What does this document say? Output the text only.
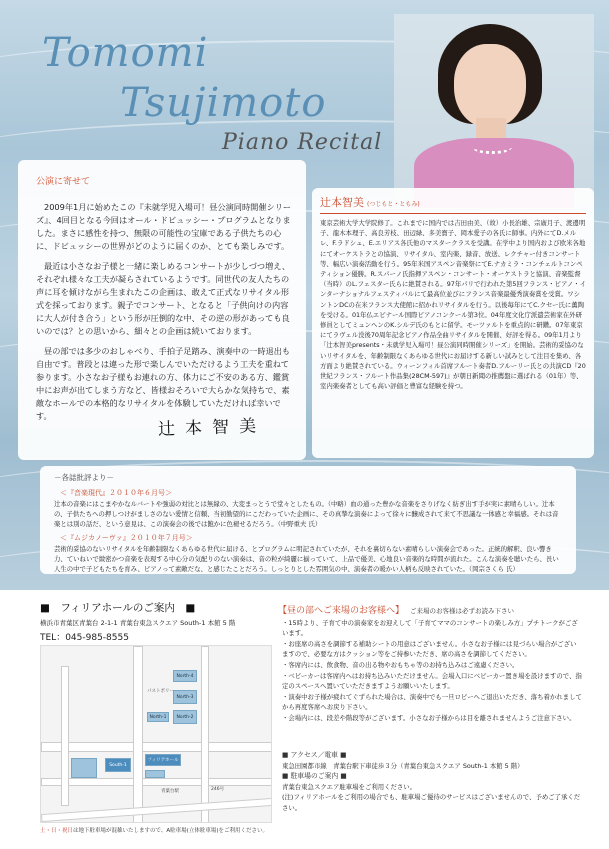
Tomomi
Tsujimoto
Piano Recital
公演に寄せて

2009年1月に始めたこの『未就学児入場可！昼公演同時開催シリーズ』、4回目となる今回はオール・ドビュッシー・プログラムとなりました。まさに感性を持つ、無限の可能性の宝庫である子供たちの心に、ドビュッシーの世界がどのように届くのか、とても楽しみです。

最近は小さなお子様と一緒に楽しめるコンサートが少しづつ増え、それぞれ様々な工夫が凝らされているようです。同世代の友人たちの声に耳を傾けながら生まれたこの企画は、敢えて正式なリサイタル形式を採っております。親子でコンサート、となると「子供向けの内容に大人が付き合う」という形が圧倒的な中、その逆の形があっても良いのでは？との思いから、細々との企画は続いております。

昼の部では多少のおしゃべり、手拍子足踏み、演奏中の一時退出も自由です。普段とは違った形で楽しんでいただけるよう工夫を重ねて参ります。小さなお子様もお連れの方、体力にご不安のある方、鑑賞中にお声が出てしまう方など、皆様おそろいで大らかな気持ちで、素敵なホールでの本格的なリサイタルを体験していただければ幸いです。

辻本智美
辻本智美 (つじもと・ともみ)
東京芸術大学大学院修了。これまでに国内では吉田由美、（故）小長治雄、宗廣月子、渡邊明子、龍木本理子、高良芳枝、田辺緑、多美寶子、岡本愛子の各氏に師事。内外にてD.メルレ、F.ラドシュ、E.エリアス各氏他のマスタークラスを受講。在学中より国内および欧米各地にてオーケストラとの協演、リサイタル、室内楽、録音、放送、レクチャー付きコンサート等、幅広い演奏活動を行う。95年米国アスペン音楽祭にてE.ナカミラ・コンチェルトコンペティション優勝。R.スパーノ氏指揮アスペン・コンサート・オーケストラと協演、音楽監督（当時）のL.フェスター氏らに絶賛される。97年パリで行われた第5回フランス・ピアノ・インターナショナルフェスティバルにて最高位並びにフランス音楽最優秀演奏賞を受賞。ワシントンDCの在米フランス大使館に招かれリサイタルを行う。以後毎年にてC.クセー氏に薫陶を受ける。01年仏エピナール国際ピアノコンクール第3位。04年度文化庁派遣芸術家在外研修員としてミュンヘンのK.シルデ氏のもとに留学。モーツァルトを重点的に研鑽。07年東京にてラヴェル没後70周年記念ピアノ作品全曲リサイタルを開催、好評を得る。09年1月より「辻本智美presents・未就学児入場可！昼公演同時開催シリーズ」を開始。芸術的妥協のないリサイタルを、年齢制限なくあらゆる世代にお届けする新しい試みとして注目を集め、各方面より絶賛されている。ウィーンフィル首席フルート奏者D.フルーリー氏との共演CD『20世紀フランス・フルート作品集(28CM-597)』が朝日新聞の推薦盤に選ばれる（01年）等、室内楽奏者としても高い評価と豊富な経験を持つ。
－各誌批評より－
＜『音楽現代』２０１０年６月号＞
辻本の音楽にはこまやかなルバートや強弱の対比とは無縁の、大変まっとうで堂々としたもの。（中略）血の通った豊かな音楽をさりげなく紡ぎ出す手が実に素晴らしい。辻本の、子供たちへの押しつけがましさのない愛情と信頼、当初勤望的にこだわっていた企画に、その真摯な演奏によって徐々に醸成されて来て不思議な一体感と幸福感。それは音楽とは別の話だ、という意見は、この演奏会の後では飽かに色褪せるだろう。（中野重夫 氏）
＜『ムジカノーヴァ』２０１０年７月号＞
芸術的妥協のないリサイタルを年齢制限なくあらゆる世代に届ける、とプログラムに明記されていたが、それを裏切らない素晴らしい演奏会であった。正統的解釈、良い響き力、ていねいで緻密かつ音楽を表現する中心分の気配りのない演奏は、音の粒が綺麗に揃っていて、上品で優美、心地良い音楽的な時間が流れた。こんな演奏を聴いたら、長い人生の中で子どもたちを育み、ピアノって素敵だな、と感じたことだろう。しっとりとした雰囲気の中、演奏者の暖かい人柄も反映されていた。（岡宗さくら 氏）
■　フィリアホールのご案内　■
横浜市青葉区青葉台 2-1-1 青葉台東急スクエア South-1 本館 5 階
TEL：045-985-8555
North-4
North-3
North-2
North-1
South-1
フィリアホール
パストポリー
青葉台駅	246号
土・日・祝日は地下駐車場が混雑いたしますので、A駐車場(立体駐車場)をご利用ください。
【昼の部へご来場のお客様へ】 ご来場のお客様は必ずお読み下さい
・15時より、子育て中の演奏家をお迎えして「子育てママのコンサートの楽しみ方」プチトークがございます。
・お座席の高さを調節する補助シートの用意はございません。小さなお子様には見づらい場合がございますので、必要な方はクッション等をご持参いただき、席の高さを調節してください。
・客席内には、飲食物、音の出る物やおもちゃ等のお持ち込みはご遠慮ください。
・ベビーカーは客席内へはお持ち込みいただけません。会場入口にベビーカー置き場を設けますので、指定のスペースへ置いていただきますようお願いいたします。
・演奏中お子様が疲れてぐずられた場合は、演奏中でも一旦ロビーへご退出いただき、落ち着かれましてから再度客席へお戻り下さい。
・会場内には、段差や階段等がございます。小さなお子様からは目を離されませんようご注意下さい。
■ アクセス／電車 ■
東急田園都市線　青葉台駅下車徒歩３分（青葉台東急スクエア South-1 本館 5 階）
■ 駐車場のご案内 ■
青葉台東急スクエア駐車場をご利用ください。
(注)フィリアホールをご利用の場合でも、駐車場ご優待のサービスはございませんので、予めご了承ください。
